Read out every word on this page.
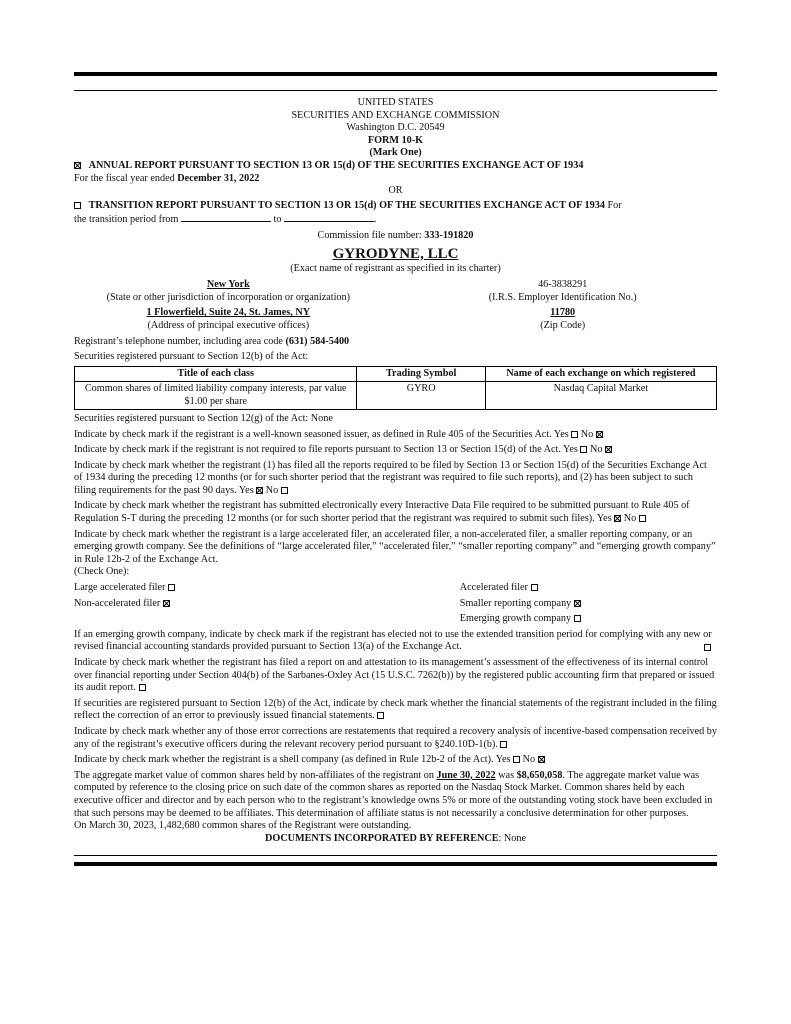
UNITED STATES

SECURITIES AND EXCHANGE COMMISSION

Washington D.C. 20549

FORM 10-K

(Mark One)

ANNUAL REPORT PURSUANT TO SECTION 13 OR 15(d) OF THE SECURITIES EXCHANGE ACT OF 1934

For the fiscal year ended December 31, 2022

OR

TRANSITION REPORT PURSUANT TO SECTION 13 OR 15(d) OF THE SECURITIES EXCHANGE ACT OF 1934 For

the transition period from	to	.

Commission file number: 333-191820

GYRODYNE, LLC

(Exact name of registrant as specified in its charter)

New York

(State or other jurisdiction of incorporation or organization)

46-3838291

(I.R.S. Employer Identification No.)

1 Flowerfield, Suite 24, St. James, NY

(Address of principal executive offices)

11780

(Zip Code)

Registrant’s telephone number, including area code (631) 584-5400

Securities registered pursuant to Section 12(b) of the Act:

Title of each class	Trading Symbol	Name of each exchange on which registered
Common shares of limited liability company interests, par value $1.00 per share	GYRO	Nasdaq Capital Market

Securities registered pursuant to Section 12(g) of the Act: None

Indicate by check mark if the registrant is a well-known seasoned issuer, as defined in Rule 405 of the Securities Act. Yes No

Indicate by check mark if the registrant is not required to file reports pursuant to Section 13 or Section 15(d) of the Act. Yes No

Indicate by check mark whether the registrant (1) has filed all the reports required to be filed by Section 13 or Section 15(d) of the Securities Exchange Act of 1934 during the preceding 12 months (or for such shorter period that the registrant was required to file such reports), and (2) has been subject to such filing requirements for the past 90 days. Yes No

Indicate by check mark whether the registrant has submitted electronically every Interactive Data File required to be submitted pursuant to Rule 405 of Regulation S-T during the preceding 12 months (or for such shorter period that the registrant was required to submit such files). Yes No

Indicate by check mark whether the registrant is a large accelerated filer, an accelerated filer, a non-accelerated filer, a smaller reporting company, or an emerging growth company. See the definitions of “large accelerated filer,” “accelerated filer,” “smaller reporting company” and “emerging growth company” in Rule 12b-2 of the Exchange Act.

(Check One):

Large accelerated filer

Non-accelerated filer

Accelerated filer

Smaller reporting company

Emerging growth company

If an emerging growth company, indicate by check mark if the registrant has elected not to use the extended transition period for complying with any new or revised financial accounting standards provided pursuant to Section 13(a) of the Exchange Act.

Indicate by check mark whether the registrant has filed a report on and attestation to its management’s assessment of the effectiveness of its internal control over financial reporting under Section 404(b) of the Sarbanes-Oxley Act (15 U.S.C. 7262(b)) by the registered public accounting firm that prepared or issued its audit report.

If securities are registered pursuant to Section 12(b) of the Act, indicate by check mark whether the financial statements of the registrant included in the filing reflect the correction of an error to previously issued financial statements.

Indicate by check mark whether any of those error corrections are restatements that required a recovery analysis of incentive-based compensation received by any of the registrant’s executive officers during the relevant recovery period pursuant to §240.10D-1(b).

Indicate by check mark whether the registrant is a shell company (as defined in Rule 12b-2 of the Act). Yes No

The aggregate market value of common shares held by non-affiliates of the registrant on June 30, 2022 was $8,650,058. The aggregate market value was computed by reference to the closing price on such date of the common shares as reported on the Nasdaq Stock Market. Common shares held by each executive officer and director and by each person who to the registrant’s knowledge owns 5% or more of the outstanding voting stock have been excluded in that such persons may be deemed to be affiliates. This determination of affiliate status is not necessarily a conclusive determination for other purposes.

On March 30, 2023, 1,482,680 common shares of the Registrant were outstanding.

DOCUMENTS INCORPORATED BY REFERENCE: None
